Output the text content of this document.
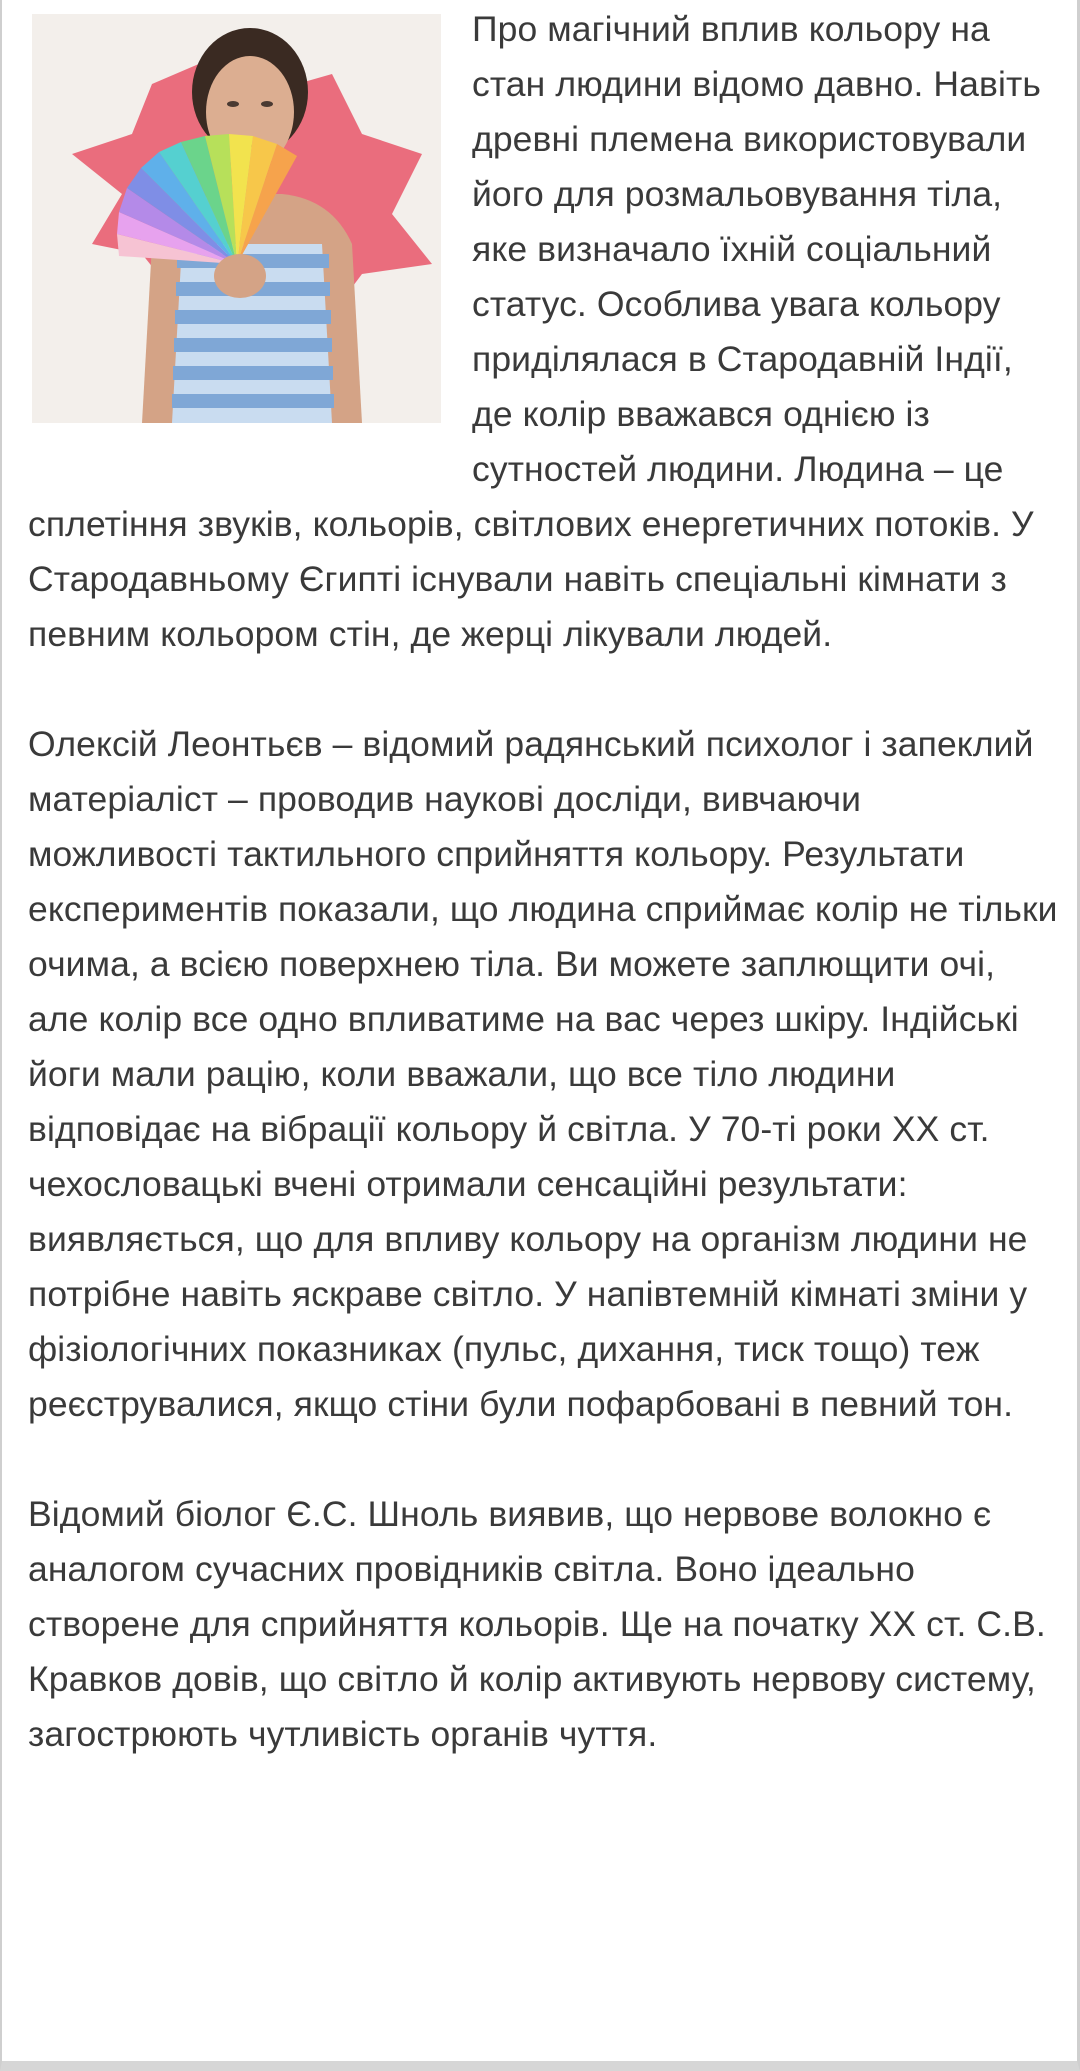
Про магічний вплив кольору на стан людини відомо давно. Навіть древні племена використовували його для розмальовування тіла, яке визначало їхній соціальний статус. Особлива увага кольору приділялася в Стародавній Індії, де колір вважався однією із сутностей людини. Людина – це сплетіння звуків, кольорів, світлових енергетичних потоків. У Стародавньому Єгипті існували навіть спеціальні кімнати з певним кольором стін, де жерці лікували людей.

Олексій Леонтьєв – відомий радянський психолог і запеклий матеріаліст – проводив наукові досліди, вивчаючи можливості тактильного сприйняття кольору. Результати експериментів показали, що людина сприймає колір не тільки очима, а всією поверхнею тіла. Ви можете заплющити очі, але колір все одно впливатиме на вас через шкіру. Індійські йоги мали рацію, коли вважали, що все тіло людини відповідає на вібрації кольору й світла. У 70-ті роки ХХ ст. чехословацькі вчені отримали сенсаційні результати: виявляється, що для впливу кольору на організм людини не потрібне навіть яскраве світло. У напівтемній кімнаті зміни у фізіологічних показниках (пульс, дихання, тиск тощо) теж реєструвалися, якщо стіни були пофарбовані в певний тон.

Відомий біолог Є.С. Шноль виявив, що нервове волокно є аналогом сучасних провідників світла. Воно ідеально створене для сприйняття кольорів. Ще на початку ХХ ст. С.В. Кравков довів, що світло й колір активують нервову систему, загострюють чутливість органів чуття.
